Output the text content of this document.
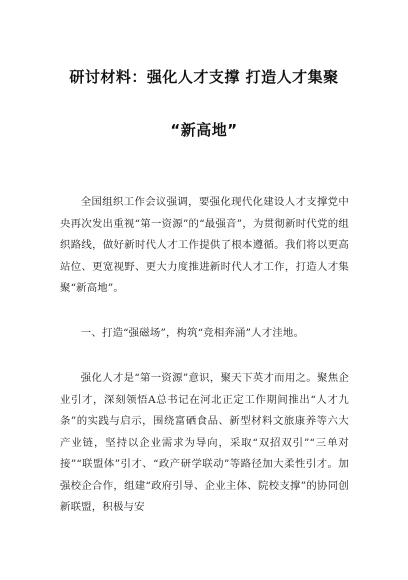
研讨材料：强化人才支撑 打造人才集聚
“新高地”
全国组织工作会议强调，要强化现代化建设人才支撑党中央再次发出重视“第一资源”的“最强音”，为贯彻新时代党的组织路线，做好新时代人才工作提供了根本遵循。我们将以更高站位、更宽视野、更大力度推进新时代人才工作，打造人才集聚“新高地”。
一、打造“强磁场”，构筑“竞相奔涌”人才洼地。
强化人才是“第一资源”意识，聚天下英才而用之。聚焦企业引才，深刻领悟A总书记在河北正定工作期间推出“人才九条”的实践与启示，围绕富硒食品、新型材料文旅康养等六大产业链，坚持以企业需求为导向，采取“双招双引”“三单对接”“联盟体”引才、“政产研学联动”等路径加大柔性引才。加强校企合作，组建“政府引导、企业主体、院校支撑”的协同创新联盟，积极与安
